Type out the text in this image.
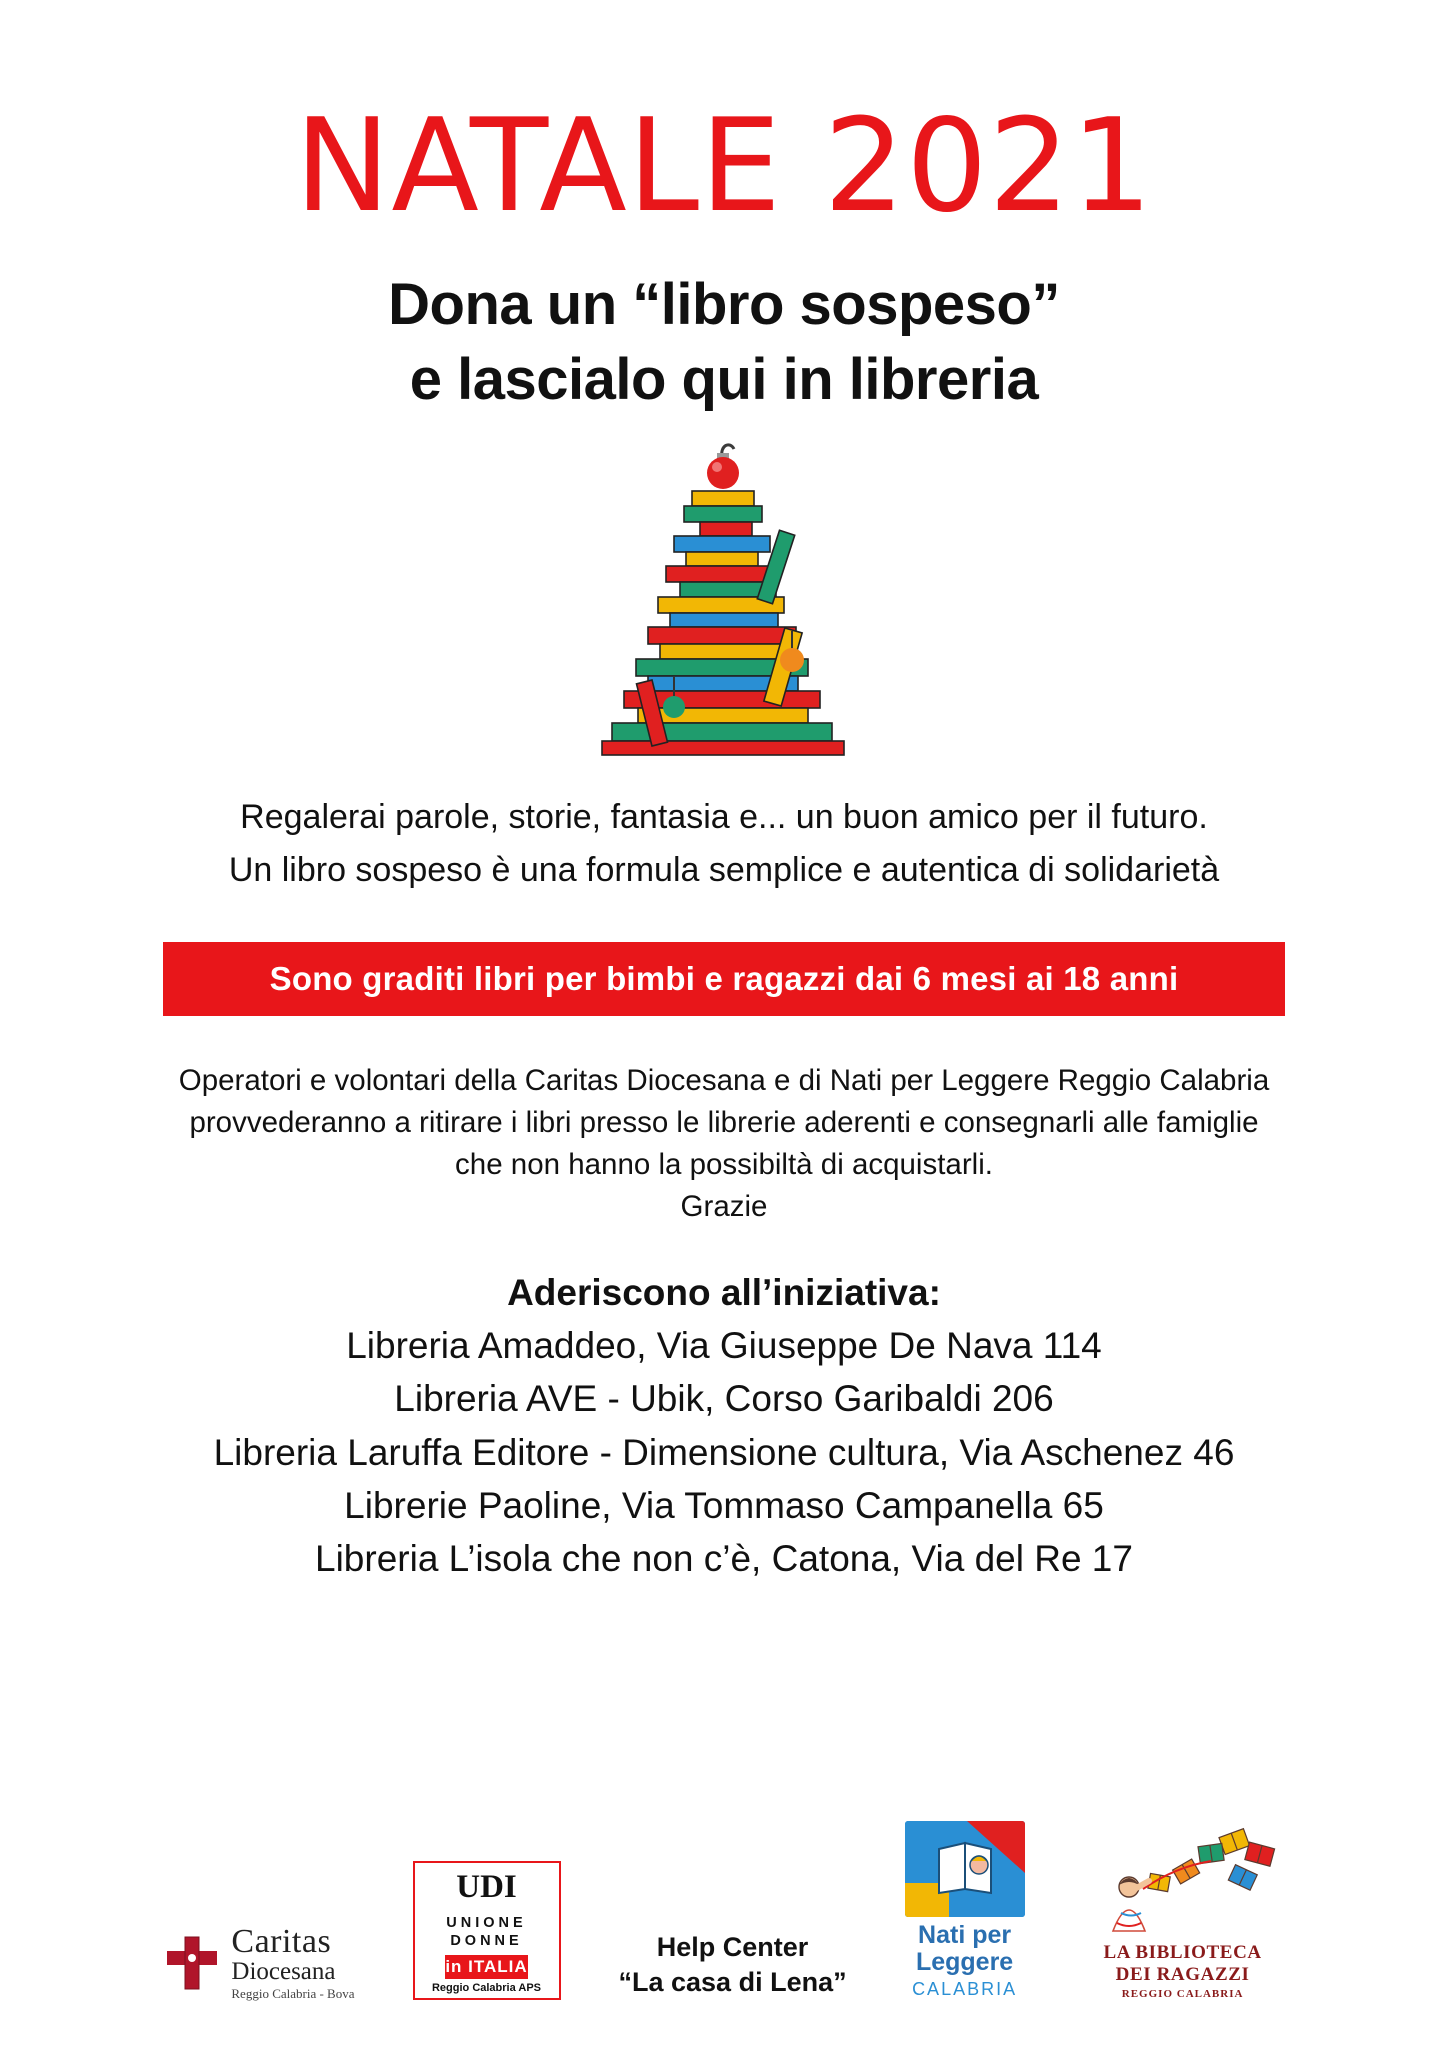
NATALE 2021
Dona un “libro sospeso”
e lascialo qui in libreria
Regalerai parole, storie, fantasia e... un buon amico per il futuro.
Un libro sospeso è una formula semplice e autentica di solidarietà
Sono graditi libri per bimbi e ragazzi dai 6 mesi ai 18 anni
Operatori e volontari della Caritas Diocesana e di Nati per Leggere Reggio Calabria
provvederanno a ritirare i libri presso le librerie aderenti e consegnarli alle famiglie
che non hanno la possibiltà di acquistarli.
Grazie
Aderiscono all’iniziativa:
Libreria Amaddeo, Via Giuseppe De Nava 114
Libreria AVE - Ubik, Corso Garibaldi 206
Libreria Laruffa Editore - Dimensione cultura, Via Aschenez 46
Librerie Paoline, Via Tommaso Campanella 65
Libreria L’isola che non c’è, Catona, Via del Re 17
Caritas
Diocesana
Reggio Calabria - Bova
U D I
UNIONE
DONNE
in ITALIA
Reggio Calabria APS
Help Center
“La casa di Lena”
Nati per
Leggere
CALABRIA
LA BIBLIOTECA
DEI RAGAZZI
REGGIO CALABRIA
